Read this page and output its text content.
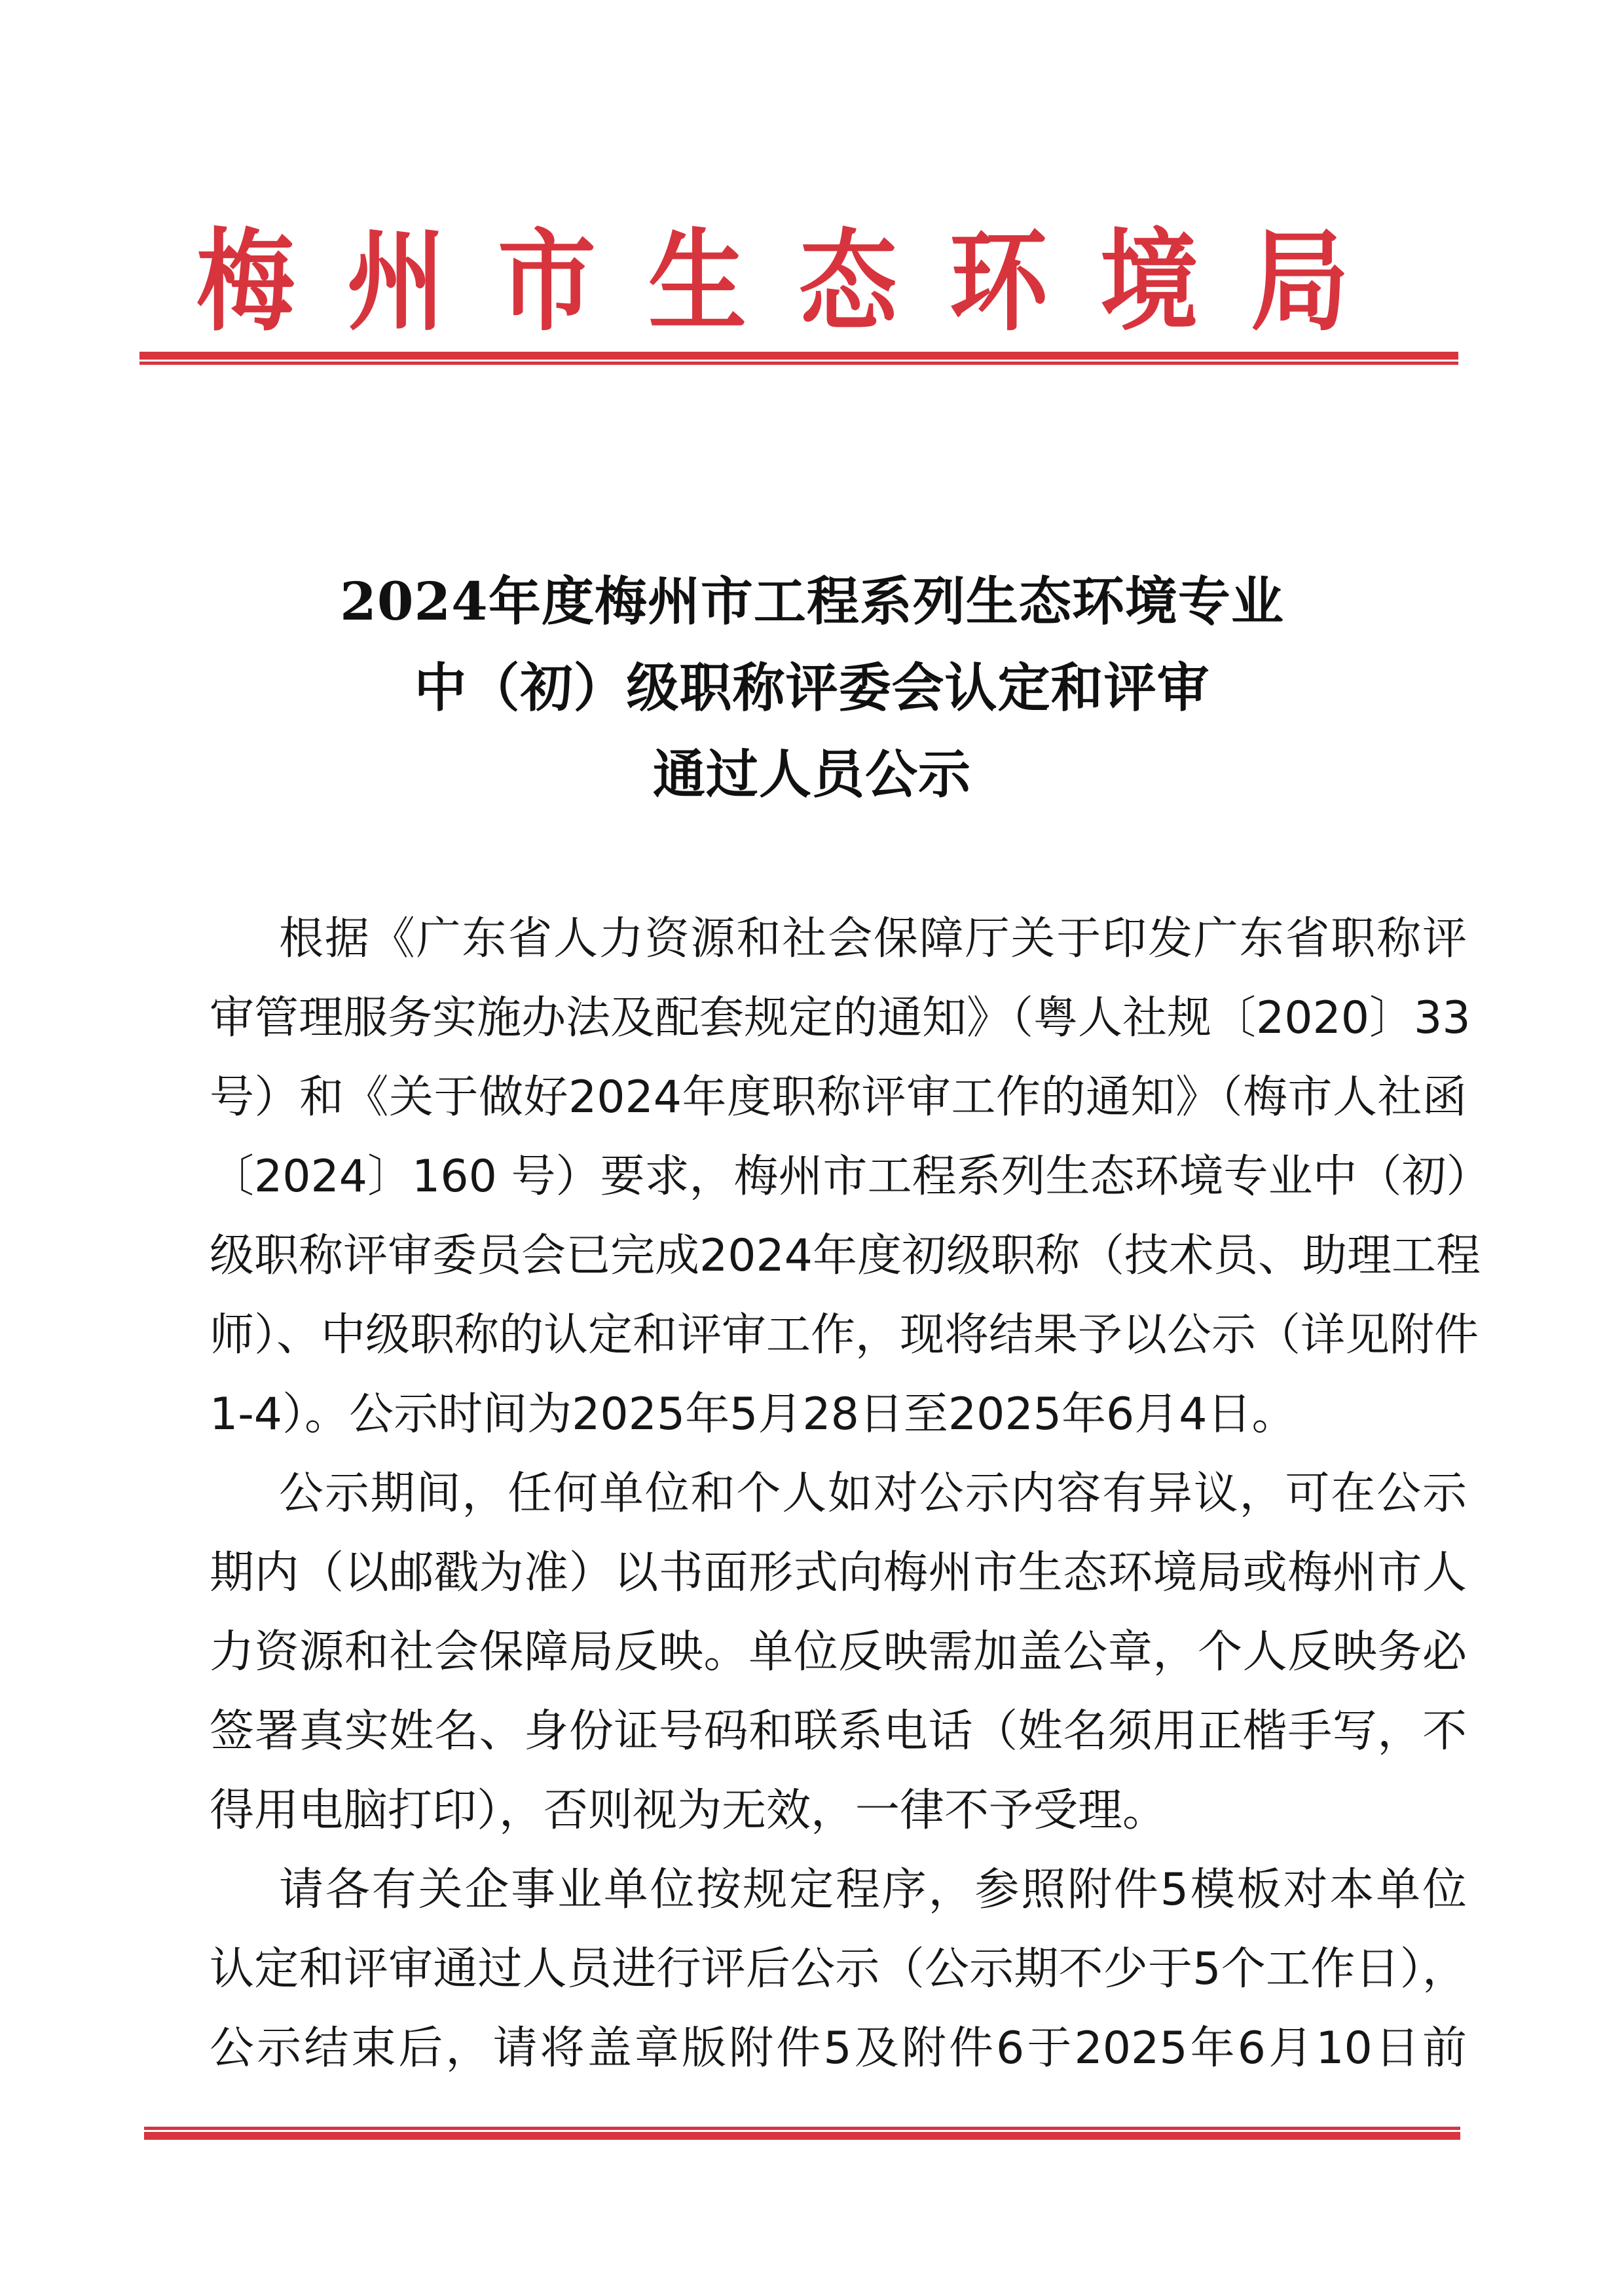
梅 州 市 生 态 环 境 局
2024年度梅州市工程系列生态环境专业
中（初）级职称评委会认定和评审
通过人员公示
根据《广东省人力资源和社会保障厅关于印发广东省职称评
审管理服务实施办法及配套规定的通知》（粤人社规〔2020〕33
号）和《关于做好2024年度职称评审工作的通知》（梅市人社函
〔2024〕160 号）要求，梅州市工程系列生态环境专业中（初）
级职称评审委员会已完成2024年度初级职称（技术员、助理工程
师）、中级职称的认定和评审工作，现将结果予以公示（详见附件
1-4）。公示时间为2025年5月28日至2025年6月4日。
公示期间，任何单位和个人如对公示内容有异议，可在公示
期内（以邮戳为准）以书面形式向梅州市生态环境局或梅州市人
力资源和社会保障局反映。单位反映需加盖公章，个人反映务必
签署真实姓名、身份证号码和联系电话（姓名须用正楷手写，不
得用电脑打印），否则视为无效，一律不予受理。
请各有关企事业单位按规定程序，参照附件5模板对本单位
认定和评审通过人员进行评后公示（公示期不少于5个工作日），
公示结束后，请将盖章版附件5及附件6于2025年6月10日前
